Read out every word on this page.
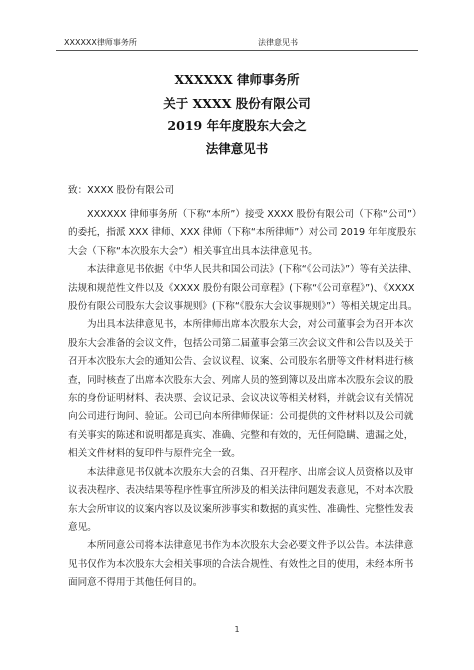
XXXXXX律师事务所	法律意见书
XXXXXX 律师事务所
关于 XXXX 股份有限公司
2019 年年度股东大会之
法律意见书
致：XXXX 股份有限公司

XXXXXX 律师事务所（下称“本所”）接受 XXXX 股份有限公司（下称“公司”）的委托，指派 XXX 律师、XXX 律师（下称“本所律师”）对公司 2019 年年度股东大会（下称“本次股东大会”）相关事宜出具本法律意见书。

本法律意见书依据《中华人民共和国公司法》(下称“《公司法》”）等有关法律、法规和规范性文件以及《XXXX 股份有限公司章程》(下称“《公司章程》”)、《XXXX 股份有限公司股东大会议事规则》(下称“《股东大会议事规则》”）等相关规定出具。

为出具本法律意见书，本所律师出席本次股东大会，对公司董事会为召开本次股东大会准备的会议文件，包括公司第二届董事会第三次会议文件和公告以及关于召开本次股东大会的通知公告、会议议程、议案、公司股东名册等文件材料进行核查，同时核查了出席本次股东大会、列席人员的签到簿以及出席本次股东会议的股东的身份证明材料、表决票、会议记录、会议决议等相关材料，并就会议有关情况向公司进行询问、验证。公司已向本所律师保证：公司提供的文件材料以及公司就有关事实的陈述和说明都是真实、准确、完整和有效的，无任何隐瞒、遗漏之处，相关文件材料的复印件与原件完全一致。

本法律意见书仅就本次股东大会的召集、召开程序、出席会议人员资格以及审议表决程序、表决结果等程序性事宜所涉及的相关法律问题发表意见，不对本次股东大会所审议的议案内容以及议案所涉事实和数据的真实性、准确性、完整性发表意见。

本所同意公司将本法律意见书作为本次股东大会必要文件予以公告。本法律意见书仅作为本次股东大会相关事项的合法合规性、有效性之目的使用，未经本所书面同意不得用于其他任何目的。

1
